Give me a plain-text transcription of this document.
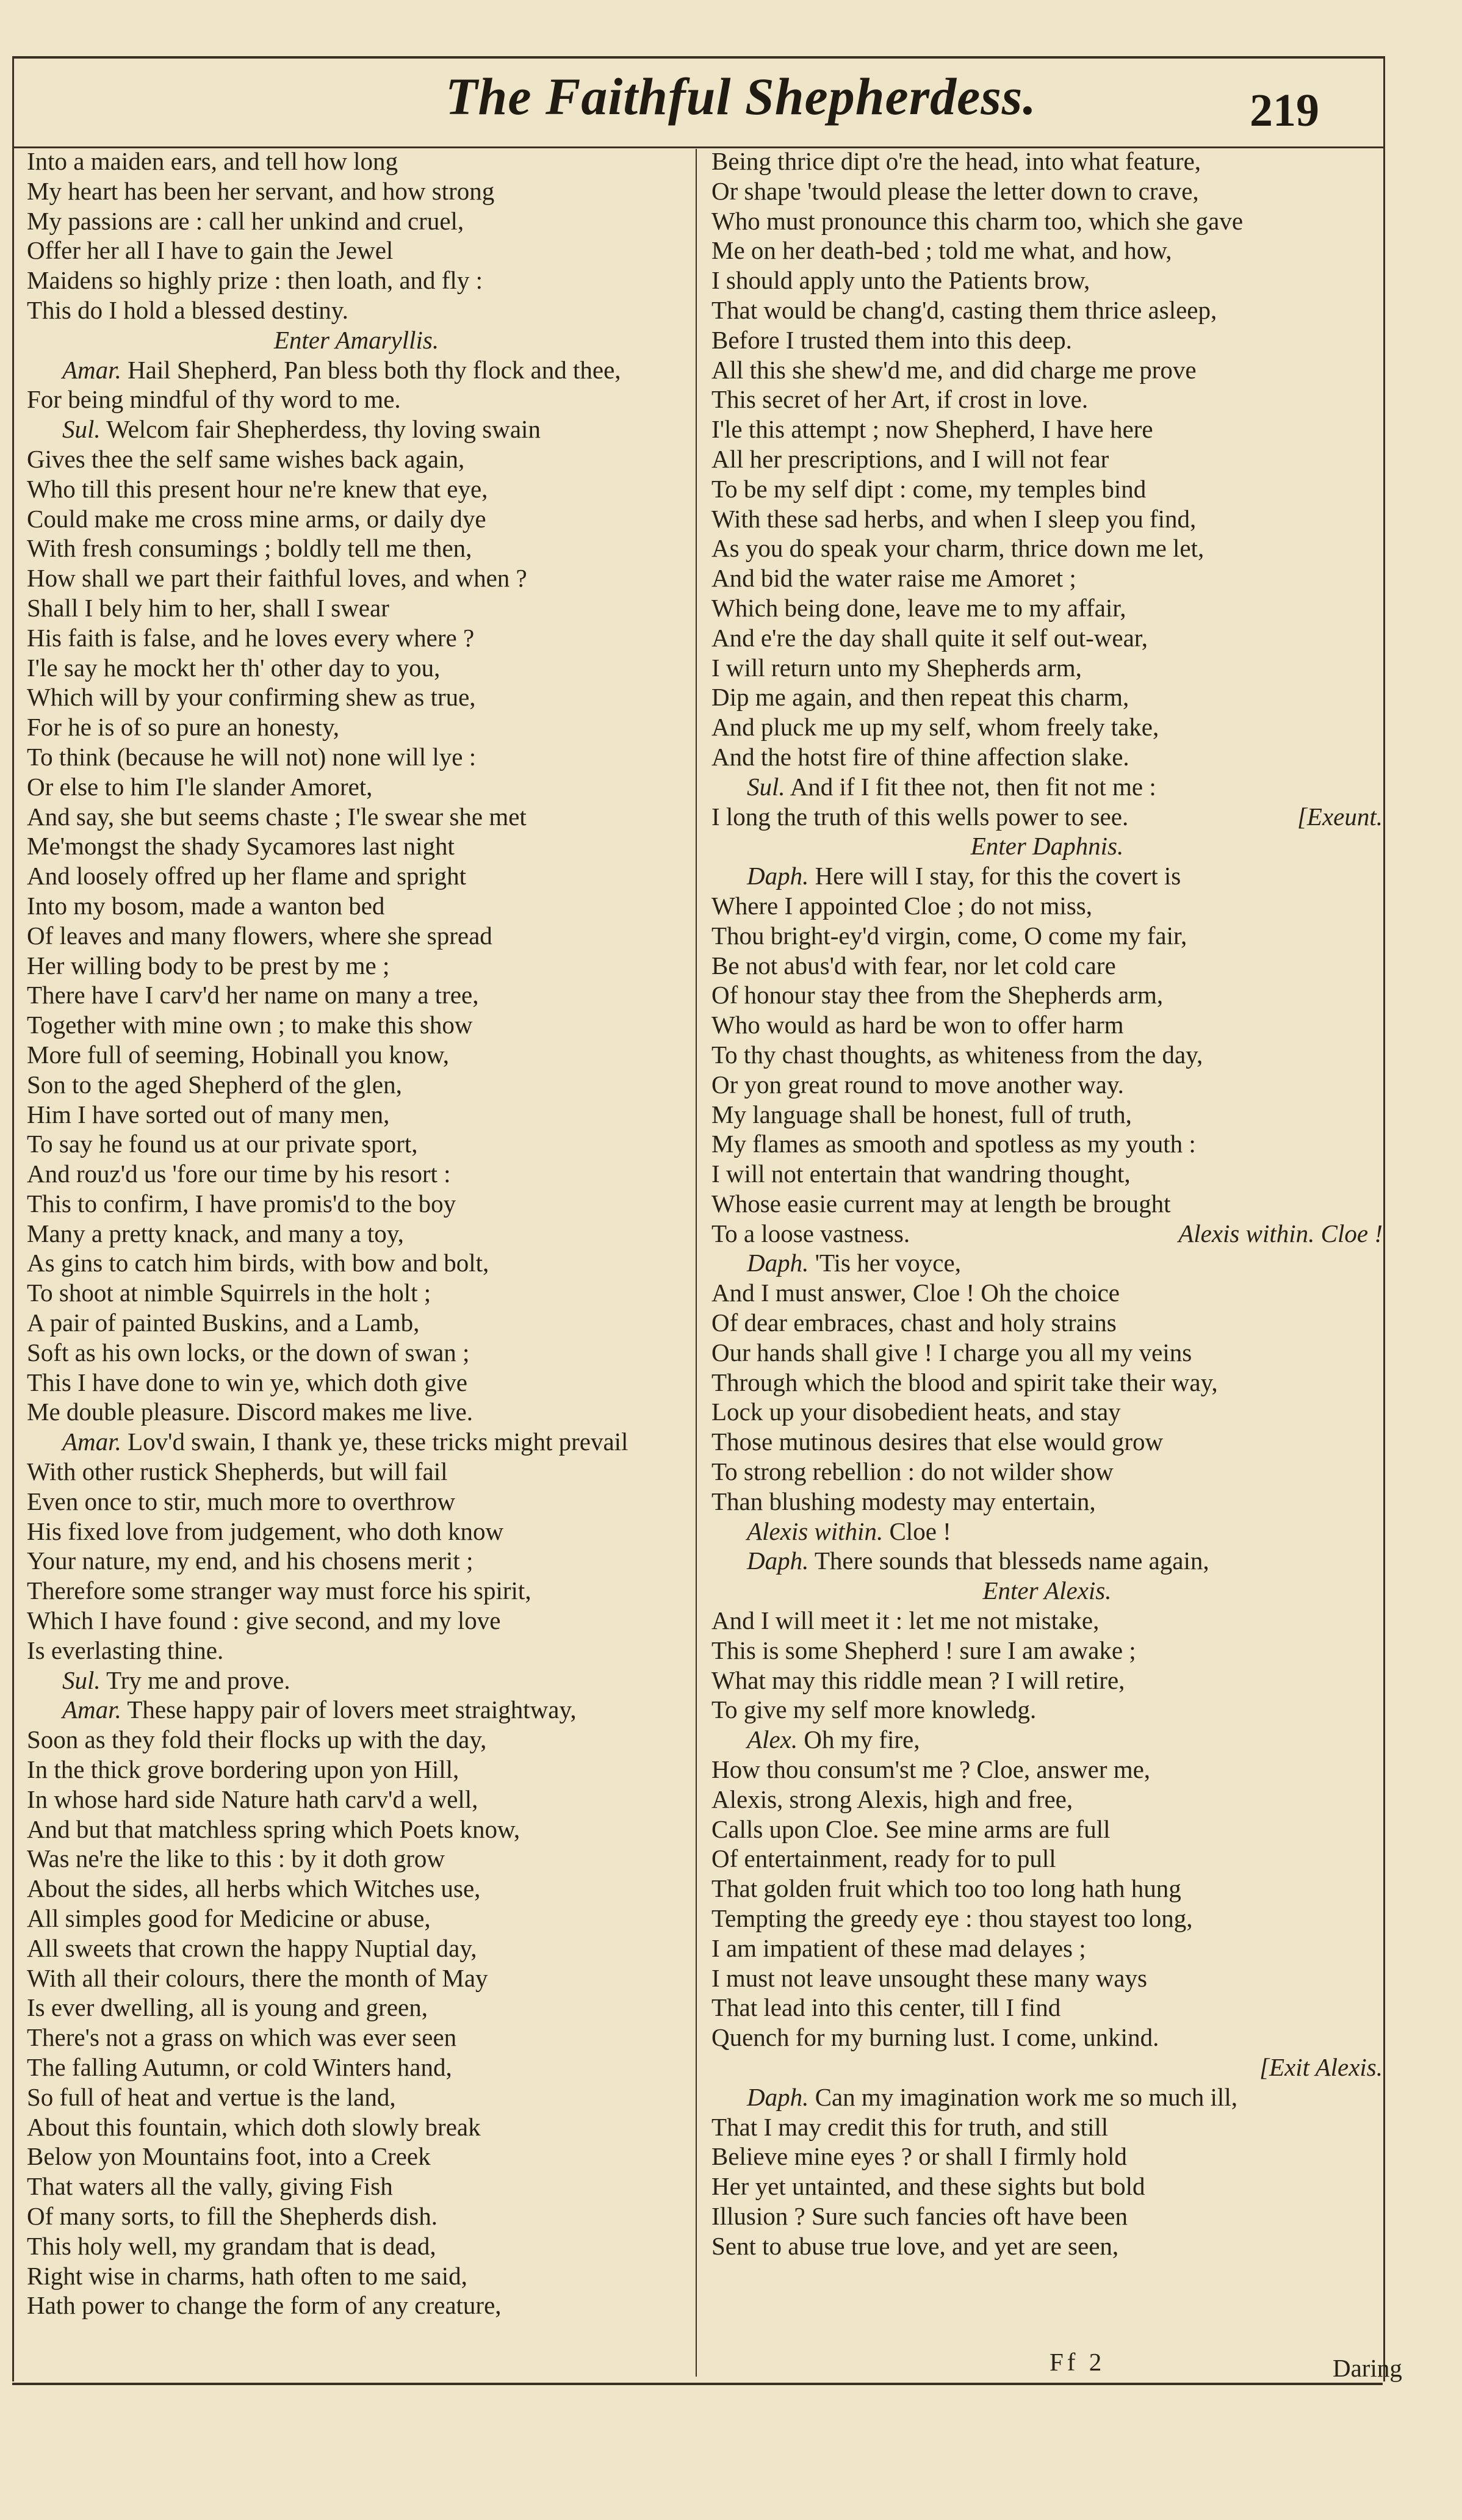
The Faithful Shepherdess.	219
Into a maiden ears, and tell how long
My heart has been her servant, and how strong
My passions are : call her unkind and cruel,
Offer her all I have to gain the Jewel
Maidens so highly prize : then loath, and fly :
This do I hold a blessed destiny.
Enter Amaryllis.
Amar. Hail Shepherd, Pan bless both thy flock and thee,
For being mindful of thy word to me.
Sul. Welcom fair Shepherdess, thy loving swain
Gives thee the self same wishes back again,
Who till this present hour ne're knew that eye,
Could make me cross mine arms, or daily dye
With fresh consumings ; boldly tell me then,
How shall we part their faithful loves, and when ?
Shall I bely him to her, shall I swear
His faith is false, and he loves every where ?
I'le say he mockt her th' other day to you,
Which will by your confirming shew as true,
For he is of so pure an honesty,
To think (because he will not) none will lye :
Or else to him I'le slander Amoret,
And say, she but seems chaste ; I'le swear she met
Me'mongst the shady Sycamores last night
And loosely offred up her flame and spright
Into my bosom, made a wanton bed
Of leaves and many flowers, where she spread
Her willing body to be prest by me ;
There have I carv'd her name on many a tree,
Together with mine own ; to make this show
More full of seeming, Hobinall you know,
Son to the aged Shepherd of the glen,
Him I have sorted out of many men,
To say he found us at our private sport,
And rouz'd us 'fore our time by his resort :
This to confirm, I have promis'd to the boy
Many a pretty knack, and many a toy,
As gins to catch him birds, with bow and bolt,
To shoot at nimble Squirrels in the holt ;
A pair of painted Buskins, and a Lamb,
Soft as his own locks, or the down of swan ;
This I have done to win ye, which doth give
Me double pleasure. Discord makes me live.
Amar. Lov'd swain, I thank ye, these tricks might prevail
With other rustick Shepherds, but will fail
Even once to stir, much more to overthrow
His fixed love from judgement, who doth know
Your nature, my end, and his chosens merit ;
Therefore some stranger way must force his spirit,
Which I have found : give second, and my love
Is everlasting thine.
Sul. Try me and prove.
Amar. These happy pair of lovers meet straightway,
Soon as they fold their flocks up with the day,
In the thick grove bordering upon yon Hill,
In whose hard side Nature hath carv'd a well,
And but that matchless spring which Poets know,
Was ne're the like to this : by it doth grow
About the sides, all herbs which Witches use,
All simples good for Medicine or abuse,
All sweets that crown the happy Nuptial day,
With all their colours, there the month of May
Is ever dwelling, all is young and green,
There's not a grass on which was ever seen
The falling Autumn, or cold Winters hand,
So full of heat and vertue is the land,
About this fountain, which doth slowly break
Below yon Mountains foot, into a Creek
That waters all the vally, giving Fish
Of many sorts, to fill the Shepherds dish.
This holy well, my grandam that is dead,
Right wise in charms, hath often to me said,
Hath power to change the form of any creature,
Being thrice dipt o're the head, into what feature,
Or shape 'twould please the letter down to crave,
Who must pronounce this charm too, which she gave
Me on her death-bed ; told me what, and how,
I should apply unto the Patients brow,
That would be chang'd, casting them thrice asleep,
Before I trusted them into this deep.
All this she shew'd me, and did charge me prove
This secret of her Art, if crost in love.
I'le this attempt ; now Shepherd, I have here
All her prescriptions, and I will not fear
To be my self dipt : come, my temples bind
With these sad herbs, and when I sleep you find,
As you do speak your charm, thrice down me let,
And bid the water raise me Amoret ;
Which being done, leave me to my affair,
And e're the day shall quite it self out-wear,
I will return unto my Shepherds arm,
Dip me again, and then repeat this charm,
And pluck me up my self, whom freely take,
And the hotst fire of thine affection slake.
Sul. And if I fit thee not, then fit not me :
I long the truth of this wells power to see.	[Exeunt.
Enter Daphnis.
Daph. Here will I stay, for this the covert is
Where I appointed Cloe ; do not miss,
Thou bright-ey'd virgin, come, O come my fair,
Be not abus'd with fear, nor let cold care
Of honour stay thee from the Shepherds arm,
Who would as hard be won to offer harm
To thy chast thoughts, as whiteness from the day,
Or yon great round to move another way.
My language shall be honest, full of truth,
My flames as smooth and spotless as my youth :
I will not entertain that wandring thought,
Whose easie current may at length be brought
To a loose vastness.	Alexis within. Cloe !
Daph. 'Tis her voyce,
And I must answer, Cloe ! Oh the choice
Of dear embraces, chast and holy strains
Our hands shall give ! I charge you all my veins
Through which the blood and spirit take their way,
Lock up your disobedient heats, and stay
Those mutinous desires that else would grow
To strong rebellion : do not wilder show
Than blushing modesty may entertain,
Alexis within. Cloe !
Daph. There sounds that blesseds name again,
Enter Alexis.
And I will meet it : let me not mistake,
This is some Shepherd ! sure I am awake ;
What may this riddle mean ? I will retire,
To give my self more knowledg.
Alex. Oh my fire,
How thou consum'st me ? Cloe, answer me,
Alexis, strong Alexis, high and free,
Calls upon Cloe. See mine arms are full
Of entertainment, ready for to pull
That golden fruit which too too long hath hung
Tempting the greedy eye : thou stayest too long,
I am impatient of these mad delayes ;
I must not leave unsought these many ways
That lead into this center, till I find
Quench for my burning lust. I come, unkind.
[Exit Alexis.
Daph. Can my imagination work me so much ill,
That I may credit this for truth, and still
Believe mine eyes ? or shall I firmly hold
Her yet untainted, and these sights but bold
Illusion ? Sure such fancies oft have been
Sent to abuse true love, and yet are seen,
Ff 2	Daring
